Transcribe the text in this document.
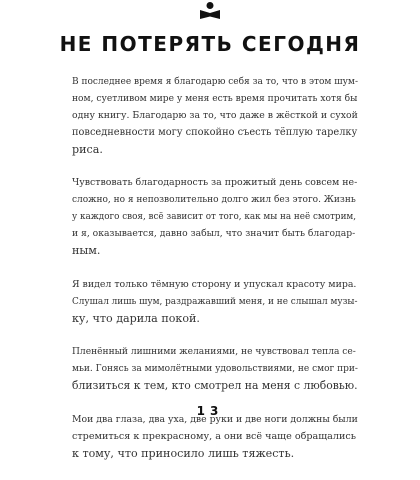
НЕ ПОТЕРЯТЬ СЕГОДНЯ

В последнее время я благодарю себя за то, что в этом шум-
ном, суетливом мире у меня есть время прочитать хотя бы
одну книгу. Благодарю за то, что даже в жёсткой и сухой
повседневности могу спокойно съесть тёплую тарелку
риса.

Чувствовать благодарность за прожитый день совсем не-
сложно, но я непозволительно долго жил без этого. Жизнь
у каждого своя, всё зависит от того, как мы на неё смотрим,
и я, оказывается, давно забыл, что значит быть благодар-
ным.

Я видел только тёмную сторону и упускал красоту мира.
Слушал лишь шум, раздражавший меня, и не слышал музы-
ку, что дарила покой.

Пленённый лишними желаниями, не чувствовал тепла се-
мьи. Гонясь за мимолётными удовольствиями, не смог при-
близиться к тем, кто смотрел на меня с любовью.

Мои два глаза, два уха, две руки и две ноги должны были
стремиться к прекрасному, а они всё чаще обращались
к тому, что приносило лишь тяжесть.

13
